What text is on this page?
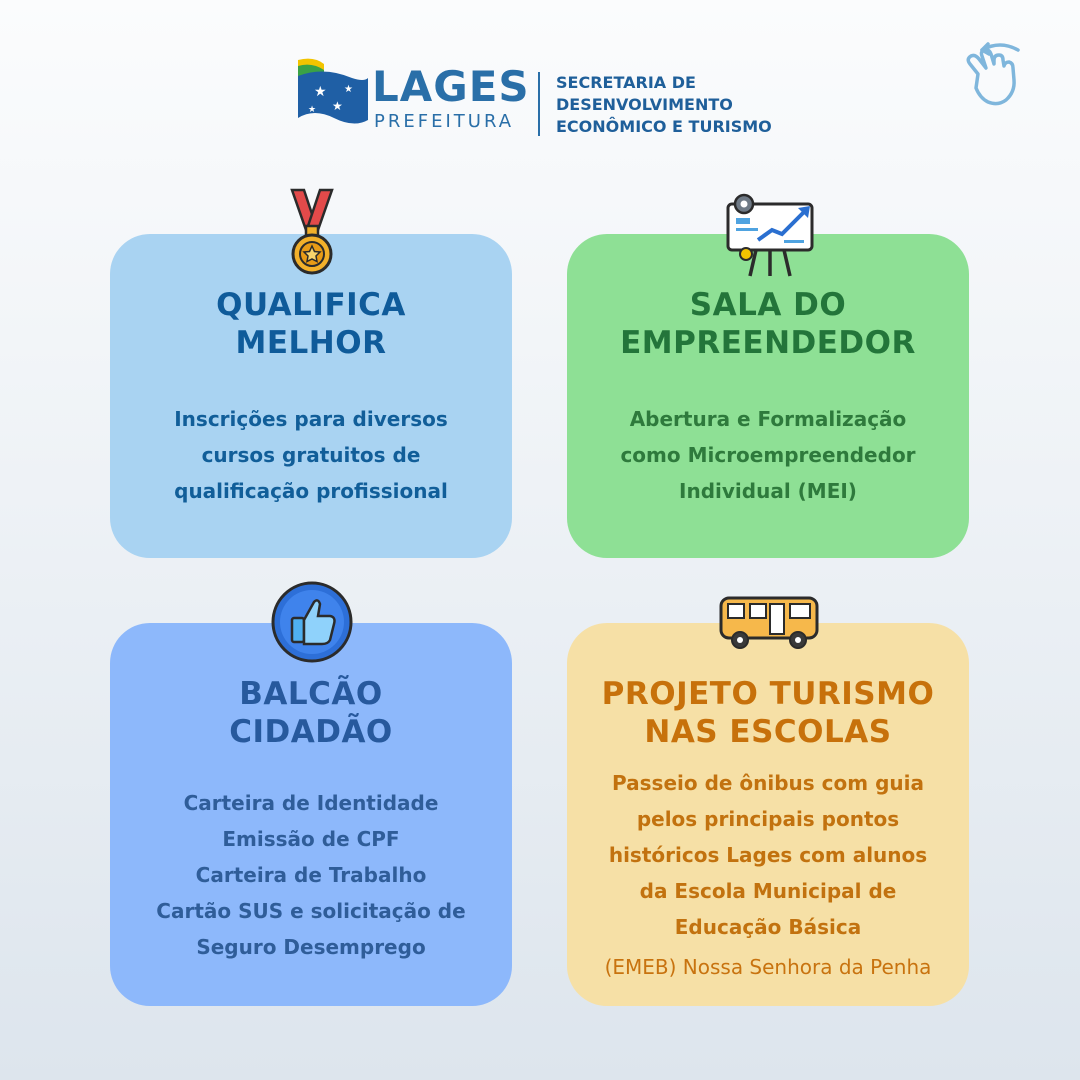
★
★
★
★ LAGES
PREFEITURA
SECRETARIA DE
DESENVOLVIMENTO
ECONÔMICO E TURISMO
QUALIFICA
MELHOR
Inscrições para diversos
cursos gratuitos de
qualificação profissional
SALA DO
EMPREENDEDOR
Abertura e Formalização
como Microempreendedor
Individual (MEI)
BALCÃO
CIDADÃO
Carteira de Identidade
Emissão de CPF
Carteira de Trabalho
Cartão SUS e solicitação de
Seguro Desemprego
PROJETO TURISMO
NAS ESCOLAS
Passeio de ônibus com guia
pelos principais pontos
históricos Lages com alunos
da Escola Municipal de
Educação Básica
(EMEB) Nossa Senhora da Penha
